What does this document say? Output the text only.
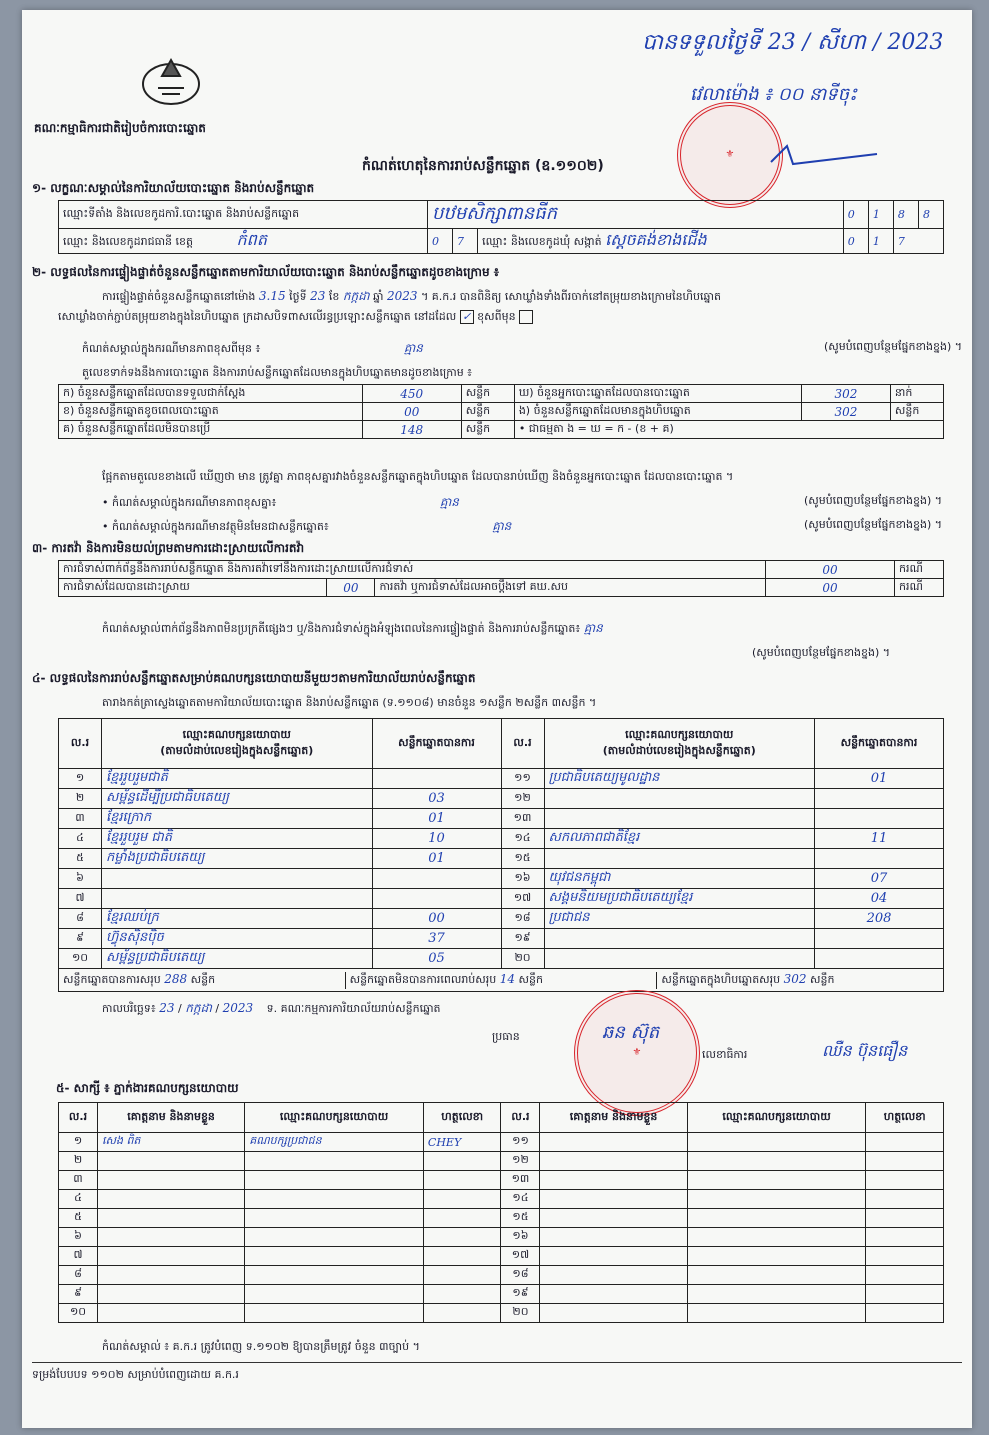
បានទទួលថ្ងៃទី 23 / សីហា / 2023
វេលាម៉ោង ៖ ០០ នាទីចុះ
⚜
គណៈកម្មាធិការជាតិរៀបចំការបោះឆ្នោត
កំណត់ហេតុនៃការរាប់សន្លឹកឆ្នោត (ឧ.១១០២)
១- លក្ខណៈសម្គាល់នៃការិយាល័យបោះឆ្នោត និងរាប់សន្លឹកឆ្នោត
ឈ្មោះទីតាំង និងលេខកូដការិ.បោះឆ្នោត និងរាប់សន្លឹកឆ្នោត	បឋមសិក្សាពានធីក			0	1	8	8
ឈ្មោះ និងលេខកូដរាជធានី ខេត្ត កំពត	0	7	ឈ្មោះ និងលេខកូដឃុំ សង្កាត់ ស្ដេចគង់ខាងជើង	0	1	7	
២- លទ្ធផលនៃការផ្ទៀងផ្ទាត់ចំនួនសន្លឹកឆ្នោតតាមការិយាល័យបោះឆ្នោត និងរាប់សន្លឹកឆ្នោតដូចខាងក្រោម ៖
ការផ្ទៀងផ្ទាត់ចំនួនសន្លឹកឆ្នោតនៅម៉ោង 3.15 ថ្ងៃទី 23 ខែ កក្កដា ឆ្នាំ 2023 ។ គ.ក.រ បានពិនិត្យ សោឃ្លាំងទាំងពីរចាក់នៅតម្រុយខាងក្រោមនៃហិបឆ្នោត
សោឃ្លាំងចាក់ភ្ជាប់តម្រុយខាងក្នុងនៃហិបឆ្នោត ក្រដាសបិទពាសលើរន្ធប្រឡោះសន្លឹកឆ្នោត នៅដដែល ✓ ខុសពីមុន
កំណត់សម្គាល់ក្នុងករណីមានភាពខុសពីមុន ៖	គ្មាន	(សូមបំពេញបន្ថែមផ្នែកខាងខ្នង) ។
តួលេខទាក់ទងនឹងការបោះឆ្នោត និងការរាប់សន្លឹកឆ្នោតដែលមានក្នុងហិបឆ្នោតមានដូចខាងក្រោម ៖
ក) ចំនួនសន្លឹកឆ្នោតដែលបានទទួលជាក់ស្ដែង	450	សន្លឹក	ឃ) ចំនួនអ្នកបោះឆ្នោតដែលបានបោះឆ្នោត	302	នាក់
ខ) ចំនួនសន្លឹកឆ្នោតខូចពេលបោះឆ្នោត	00	សន្លឹក	ង) ចំនួនសន្លឹកឆ្នោតដែលមានក្នុងហិបឆ្នោត	302	សន្លឹក
គ) ចំនួនសន្លឹកឆ្នោតដែលមិនបានប្រើ	148	សន្លឹក	• ជាធម្មតា ង = ឃ = ក - (ខ + គ)		
ផ្អែកតាមតួលេខខាងលើ ឃើញថា មាន ត្រូវគ្នា ភាពខុសគ្នារវាងចំនួនសន្លឹកឆ្នោតក្នុងហិបឆ្នោត ដែលបានរាប់ឃើញ និងចំនួនអ្នកបោះឆ្នោត ដែលបានបោះឆ្នោត ។
• កំណត់សម្គាល់ក្នុងករណីមានភាពខុសគ្នា៖	គ្មាន	(សូមបំពេញបន្ថែមផ្នែកខាងខ្នង) ។
• កំណត់សម្គាល់ក្នុងករណីមានវត្ថុមិនមែនជាសន្លឹកឆ្នោត៖	គ្មាន	(សូមបំពេញបន្ថែមផ្នែកខាងខ្នង) ។
៣- ការតវ៉ា និងការមិនយល់ព្រមតាមការដោះស្រាយលើការតវ៉ា
ការជំទាស់ពាក់ព័ន្ធនឹងការរាប់សន្លឹកឆ្នោត និងការតវ៉ាទៅនឹងការដោះស្រាយលើការជំទាស់			00	ករណី
ការជំទាស់ដែលបានដោះស្រាយ	00	ការតវ៉ា ឬការជំទាស់ដែលអាចប្ដឹងទៅ គឃ.សប	00	ករណី
កំណត់សម្គាល់ពាក់ព័ន្ធនឹងភាពមិនប្រក្រតីផ្សេងៗ ឬ/និងការជំទាស់ក្នុងអំឡុងពេលនៃការផ្ទៀងផ្ទាត់ និងការរាប់សន្លឹកឆ្នោត៖ គ្មាន
(សូមបំពេញបន្ថែមផ្នែកខាងខ្នង) ។
៤- លទ្ធផលនៃការរាប់សន្លឹកឆ្នោតសម្រាប់គណបក្សនយោបាយនីមួយៗតាមការិយាល័យរាប់សន្លឹកឆ្នោត
តារាងកត់ត្រាស្ទេងឆ្នោតតាមការិយាល័យបោះឆ្នោត និងរាប់សន្លឹកឆ្នោត (ទ.១១០៨) មានចំនួន ១សន្លឹក ២សន្លឹក ៣សន្លឹក ។
ល.រ	ឈ្មោះគណបក្សនយោបាយ
(តាមលំដាប់លេខរៀងក្នុងសន្លឹកឆ្នោត)	សន្លឹកឆ្នោតបានការ	ល.រ	ឈ្មោះគណបក្សនយោបាយ
(តាមលំដាប់លេខរៀងក្នុងសន្លឹកឆ្នោត)	សន្លឹកឆ្នោតបានការ
១	ខ្មែររួបរួមជាតិ		១១	ប្រជាធិបតេយ្យមូលដ្ឋាន	01
២	សម្ព័ន្ធដើម្បីប្រជាធិបតេយ្យ	03	១២		
៣	ខ្មែរក្រោក	01	១៣		
៤	ខ្មែររួបរួម ជាតិ	10	១៤	សកលភាពជាតិខ្មែរ	11
៥	កម្លាំងប្រជាធិបតេយ្យ	01	១៥		
៦			១៦	យុវជនកម្ពុជា	07
៧			១៧	សង្គមនិយមប្រជាធិបតេយ្យខ្មែរ	04
៨	ខ្មែរឈប់ក្រ	00	១៨	ប្រជាជន	208
៩	ហ៊្វុនស៊ិនប៉ិច	37	១៩		
១០	សម្ព័ន្ធប្រជាធិបតេយ្យ	05	២០		

សន្លឹកឆ្នោតបានការសរុប 288 សន្លឹក សន្លឹកឆ្នោតមិនបានការពេលរាប់សរុប 14 សន្លឹក សន្លឹកឆ្នោតក្នុងហិបឆ្នោតសរុប 302 សន្លឹក					
កាលបរិច្ឆេទ៖ 23 / កក្កដា / 2023 ទ. គណៈកម្មការការិយាល័យរាប់សន្លឹកឆ្នោត
ប្រធាន
⚜
ឆន ស៊ុត
លេខាធិការ	ឈឺន ប៊ុនធឿន
៥- សាក្សី ៖ ភ្នាក់ងារគណបក្សនយោបាយ
ល.រ	គោត្តនាម និងនាមខ្លួន	ឈ្មោះគណបក្សនយោបាយ	ហត្ថលេខា	ល.រ	គោត្តនាម និងនាមខ្លួន	ឈ្មោះគណបក្សនយោបាយ	ហត្ថលេខា
១	សេង ពិត	គណបក្សប្រជាជន	CHEY	១១			
២				១២			
៣				១៣			
៤				១៤			
៥				១៥			
៦				១៦			
៧				១៧			
៨				១៨			
៩				១៩			
១០				២០			
កំណត់សម្គាល់ ៖ គ.ក.រ ត្រូវបំពេញ ទ.១១០២ ឱ្យបានត្រឹមត្រូវ ចំនួន ៣ច្បាប់ ។
ទម្រង់បែបបទ ១១០២ សម្រាប់បំពេញដោយ គ.ក.រ
